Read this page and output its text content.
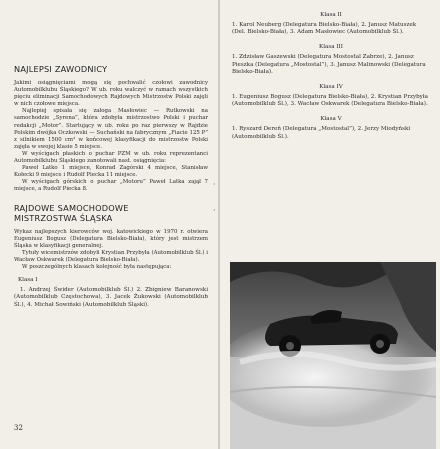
NAJLEPSI ZAWODNICY

Jakimi osiągnięciami mogą się pochwalić czołowi zawodnicy Automobilklubu Śląskiego? W ub. roku walczyć w ramach wszystkich pięciu eliminacji Samochodowych Rajdowych Mistrzostw Polski zajęli w nich czołowe miejsca.

Najlepiej spisała się załoga Masłowiec — Rutkowski na samochodzie „Syrena”, która zdobyła mistrzostwo Polski i puchar redakcji „Motor”. Startujący w ub. roku po raz pierwszy w Rajdzie Polskim dwójka Oczkowski — Suchański na fabrycznym „Fiacie 125 P” z silnikiem 1500 cm³ w końcowej klasyfikacji do mistrzostw Polski zajęła w swojej klasie 5 miejsce.

W wyścigach płaskich o puchar PZM w ub. roku reprezentanci Automobilklubu Śląskiego zanotowali nast. osiągnięcia:

Paweł Latko 1 miejsce, Konrad Zagórski 4 miejsce, Stanisław Kołecki 9 miejsce i Rudolf Piecka 11 miejsce.

W wyścigach górskich o puchar „Motoru” Paweł Latka zajął 7 miejsce, a Rudolf Piecka 8.

RAJDOWE SAMOCHODOWE
MISTRZOSTWA ŚLĄSKA

Wykaz najlepszych kierowców woj. katowickiego w 1970 r. otwiera Eugeniusz Bogusz (Delegatura Bielsko-Biała), który jest mistrzem Śląska w klasyfikacji generalnej.

Tytuły wicemistrzów zdobyli Krystian Przybyła (Automobilklub Śl.) i Wacław Oskwarek (Delegatura Bielsko-Biała).

W poszczególnych klasach kolejność była następująca:

Klasa I

1. Andrzej Świder (Automobilklub Śl.) 2. Zbigniew Baranowski (Automobilklub Częstochowa), 3. Jacek Żukowski (Automobilklub Śl.), 4. Michał Sowiński (Automobilklub Śląski).

32

Klasa II

1. Karol Neuberg (Delegatura Bielsko-Biała), 2. Janusz Matuszek (Del. Bielsko-Biała), 3. Adam Masłowiec (Automobilklub Śl.).

Klasa III

1. Zdzisław Gaszewski (Delegatura Mostostal Zabrze), 2. Janusz Pieszka (Delegatura „Mostostal”), 3. Janusz Malinowski (Delegatura Bielsko-Biała).

Klasa IV

1. Eugeniusz Bogusz (Delegatura Bielsko-Biała), 2. Krystian Przybyła (Automobilklub Śl.), 3. Wacław Oskwarek (Delegatura Bielsko-Biała).

Klasa V

1. Ryszard Dereń (Delegatura „Mostostal”), 2. Jerzy Miodyński (Automobilklub Śl.).

·
·
